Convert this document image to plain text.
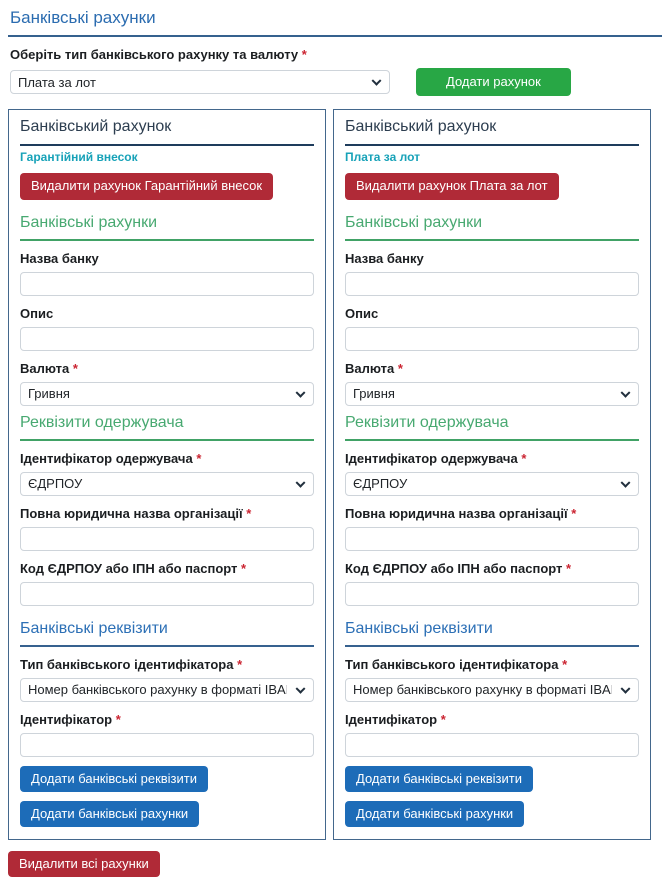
Банківські рахунки
Оберіть тип банківського рахунку та валюту *
Плата за лот
Додати рахунок
Банківський рахунок
Гарантійний внесок
Видалити рахунок Гарантійний внесок
Банківські рахунки
Назва банку
Опис
Валюта *
Гривня
Реквізити одержувача
Ідентифікатор одержувача *
ЄДРПОУ
Повна юридична назва організації *
Код ЄДРПОУ або ІПН або паспорт *
Банківські реквізити
Тип банківського ідентифікатора *
Номер банківського рахунку в форматі IBAN
Ідентифікатор *
Додати банківські реквізити
Додати банківські рахунки
Банківський рахунок
Плата за лот
Видалити рахунок Плата за лот
Банківські рахунки
Назва банку
Опис
Валюта *
Гривня
Реквізити одержувача
Ідентифікатор одержувача *
ЄДРПОУ
Повна юридична назва організації *
Код ЄДРПОУ або ІПН або паспорт *
Банківські реквізити
Тип банківського ідентифікатора *
Номер банківського рахунку в форматі IBAN
Ідентифікатор *
Додати банківські реквізити
Додати банківські рахунки
Видалити всі рахунки
